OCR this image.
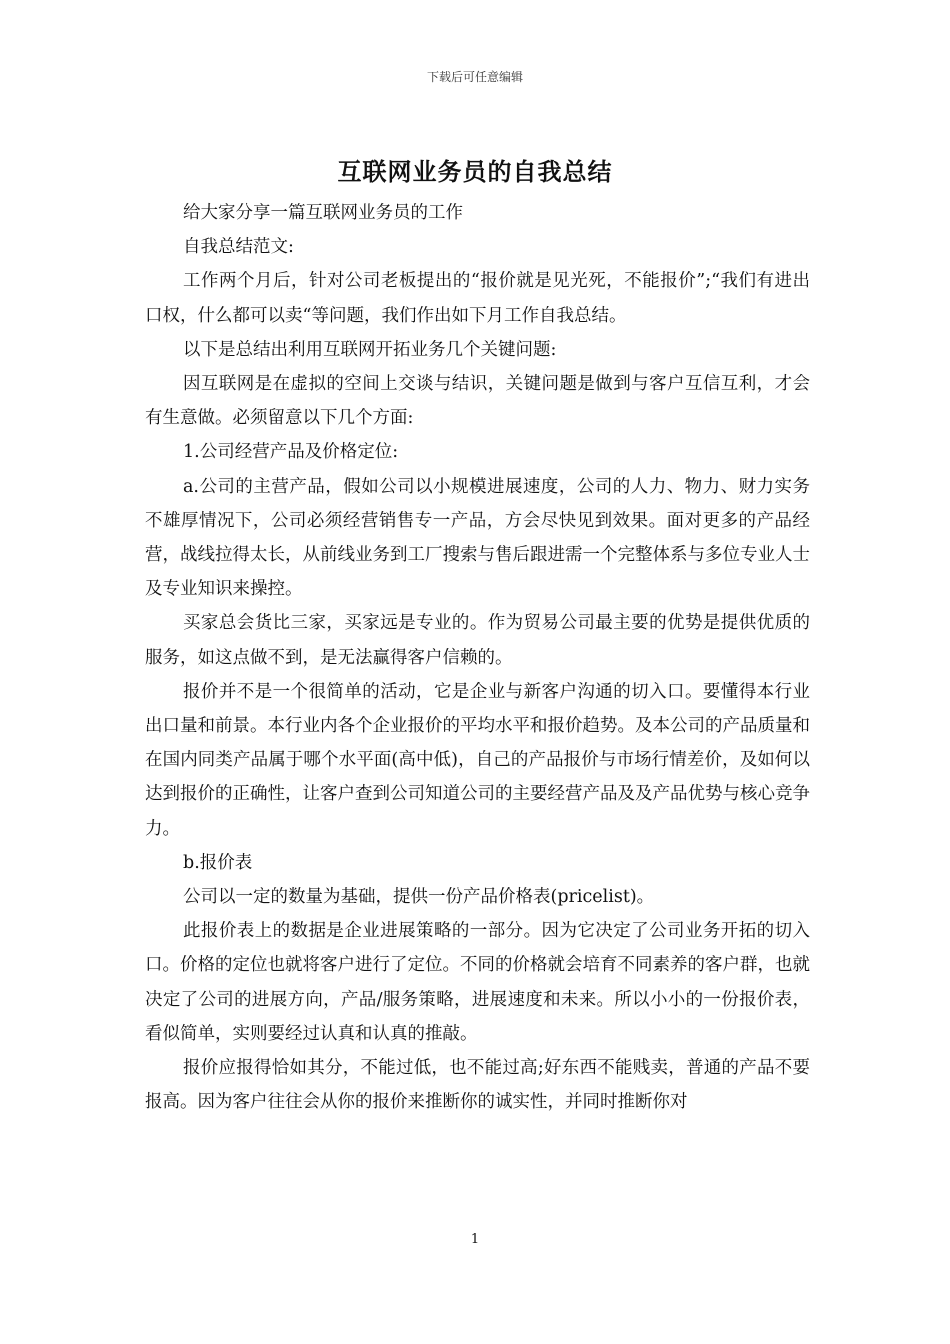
下载后可任意编辑
互联网业务员的自我总结

给大家分享一篇互联网业务员的工作

自我总结范文:

工作两个月后，针对公司老板提出的“报价就是见光死，不能报价”;“我们有进出口权，什么都可以卖“等问题，我们作出如下月工作自我总结。

以下是总结出利用互联网开拓业务几个关键问题:

因互联网是在虚拟的空间上交谈与结识，关键问题是做到与客户互信互利，才会有生意做。必须留意以下几个方面:

1.公司经营产品及价格定位:

a.公司的主营产品，假如公司以小规模进展速度，公司的人力、物力、财力实务不雄厚情况下，公司必须经营销售专一产品，方会尽快见到效果。面对更多的产品经营，战线拉得太长，从前线业务到工厂搜索与售后跟进需一个完整体系与多位专业人士及专业知识来操控。

买家总会货比三家，买家远是专业的。作为贸易公司最主要的优势是提供优质的服务，如这点做不到，是无法赢得客户信赖的。

报价并不是一个很简单的活动，它是企业与新客户沟通的切入口。要懂得本行业出口量和前景。本行业内各个企业报价的平均水平和报价趋势。及本公司的产品质量和在国内同类产品属于哪个水平面(高中低)，自己的产品报价与市场行情差价，及如何以达到报价的正确性，让客户查到公司知道公司的主要经营产品及及产品优势与核心竞争力。

b.报价表

公司以一定的数量为基础，提供一份产品价格表(pricelist)。

此报价表上的数据是企业进展策略的一部分。因为它决定了公司业务开拓的切入口。价格的定位也就将客户进行了定位。不同的价格就会培育不同素养的客户群，也就决定了公司的进展方向，产品/服务策略，进展速度和未来。所以小小的一份报价表，看似简单，实则要经过认真和认真的推敲。

报价应报得恰如其分，不能过低，也不能过高;好东西不能贱卖，普通的产品不要报高。因为客户往往会从你的报价来推断你的诚实性，并同时推断你对

1
